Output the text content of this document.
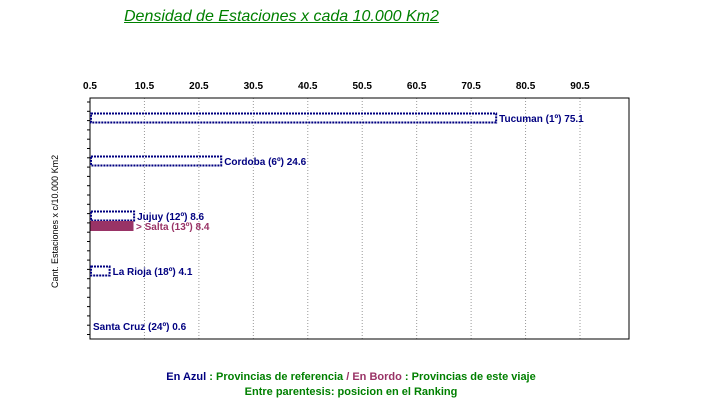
Densidad de Estaciones x cada 10.000 Km2
0.5	10.5	20.5	30.5	40.5	50.5	60.5	70.5	80.5	90.5
Tucuman (1º) 75.1
Cordoba (6º) 24.6
Jujuy (12º) 8.6
> Salta (13º) 8.4
La Rioja (18º) 4.1
Santa Cruz (24º) 0.6
Cant. Estaciones x c/10.000 Km2
En Azul : Provincias de referencia / En Bordo : Provincias de este viaje
Entre parentesis: posicion en el Ranking
